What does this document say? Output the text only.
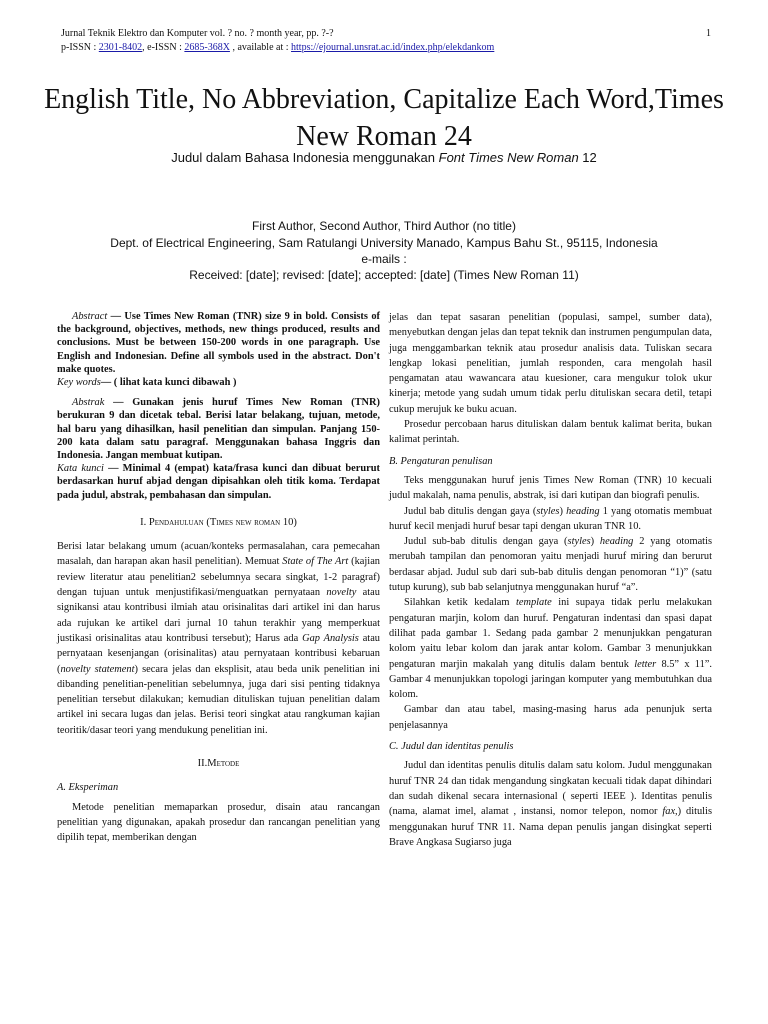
Jurnal Teknik Elektro dan Komputer vol. ? no. ? month year, pp. ?-?	1
p-ISSN : 2301-8402, e-ISSN : 2685-368X , available at : https://ejournal.unsrat.ac.id/index.php/elekdankom
English Title, No Abbreviation, Capitalize Each Word,Times New Roman 24
Judul dalam Bahasa Indonesia menggunakan Font Times New Roman 12
First Author, Second Author, Third Author (no title)
Dept. of Electrical Engineering, Sam Ratulangi University Manado, Kampus Bahu St., 95115, Indonesia
e-mails :
Received: [date]; revised: [date]; accepted: [date] (Times New Roman 11)

Abstract — Use Times New Roman (TNR) size 9 in bold. Consists of the background, objectives, methods, new things produced, results and conclusions. Must be between 150-200 words in one paragraph. Use English and Indonesian. Define all symbols used in the abstract. Don't make quotes.
Key words— ( lihat kata kunci dibawah )

Abstrak — Gunakan jenis huruf Times New Roman (TNR) berukuran 9 dan dicetak tebal. Berisi latar belakang, tujuan, metode, hal baru yang dihasilkan, hasil penelitian dan simpulan. Panjang 150-200 kata dalam satu paragraf. Menggunakan bahasa Inggris dan Indonesia. Jangan membuat kutipan.
Kata kunci — Minimal 4 (empat) kata/frasa kunci dan dibuat berurut berdasarkan huruf abjad dengan dipisahkan oleh titik koma. Terdapat pada judul, abstrak, pembahasan dan simpulan.

I. Pendahuluan (Times new roman 10)

Berisi latar belakang umum (acuan/konteks permasalahan, cara pemecahan masalah, dan harapan akan hasil penelitian). Memuat State of The Art (kajian review literatur atau penelitian2 sebelumnya secara singkat, 1-2 paragraf) dengan tujuan untuk menjustifikasi/menguatkan pernyataan novelty atau signikansi atau kontribusi ilmiah atau orisinalitas dari artikel ini dan harus ada rujukan ke artikel dari jurnal 10 tahun terakhir yang memperkuat justikasi orisinalitas atau kontribusi tersebut); Harus ada Gap Analysis atau pernyataan kesenjangan (orisinalitas) atau pernyataan kontribusi kebaruan (novelty statement) secara jelas dan eksplisit, atau beda unik penelitian ini dibanding penelitian-penelitian sebelumnya, juga dari sisi penting tidaknya penelitian tersebut dilakukan; kemudian dituliskan tujuan penelitian dalam artikel ini secara lugas dan jelas. Berisi teori singkat atau rangkuman kajian teoritik/dasar teori yang mendukung penelitian ini.

II.Metode
A. Eksperiman

Metode penelitian memaparkan prosedur, disain atau rancangan penelitian yang digunakan, apakah prosedur dan rancangan penelitian yang dipilih tepat, memberikan dengan

jelas dan tepat sasaran penelitian (populasi, sampel, sumber data), menyebutkan dengan jelas dan tepat teknik dan instrumen pengumpulan data, juga menggambarkan teknik atau prosedur analisis data. Tuliskan secara lengkap lokasi penelitian, jumlah responden, cara mengolah hasil pengamatan atau wawancara atau kuesioner, cara mengukur tolok ukur kinerja; metode yang sudah umum tidak perlu dituliskan secara detil, tetapi cukup merujuk ke buku acuan.

Prosedur percobaan harus dituliskan dalam bentuk kalimat berita, bukan kalimat perintah.

B. Pengaturan penulisan

Teks menggunakan huruf jenis Times New Roman (TNR) 10 kecuali judul makalah, nama penulis, abstrak, isi dari kutipan dan biografi penulis.

Judul bab ditulis dengan gaya (styles) heading 1 yang otomatis membuat huruf kecil menjadi huruf besar tapi dengan ukuran TNR 10.

Judul sub-bab ditulis dengan gaya (styles) heading 2 yang otomatis merubah tampilan dan penomoran yaitu menjadi huruf miring dan berurut berdasar abjad. Judul sub dari sub-bab ditulis dengan penomoran “1)” (satu tutup kurung), sub bab selanjutnya menggunakan huruf “a”.

Silahkan ketik kedalam template ini supaya tidak perlu melakukan pengaturan marjin, kolom dan huruf. Pengaturan indentasi dan spasi dapat dilihat pada gambar 1. Sedang pada gambar 2 menunjukkan pengaturan kolom yaitu lebar kolom dan jarak antar kolom. Gambar 3 menunjukkan pengaturan marjin makalah yang ditulis dalam bentuk letter 8.5” x 11”. Gambar 4 menunjukkan topologi jaringan komputer yang membutuhkan dua kolom.

Gambar dan atau tabel, masing-masing harus ada penunjuk serta penjelasannya

C. Judul dan identitas penulis

Judul dan identitas penulis ditulis dalam satu kolom. Judul menggunakan huruf TNR 24 dan tidak mengandung singkatan kecuali tidak dapat dihindari dan sudah dikenal secara internasional ( seperti IEEE ). Identitas penulis (nama, alamat imel, alamat , instansi, nomor telepon, nomor fax,) ditulis menggunakan huruf TNR 11. Nama depan penulis jangan disingkat seperti Brave Angkasa Sugiarso juga
